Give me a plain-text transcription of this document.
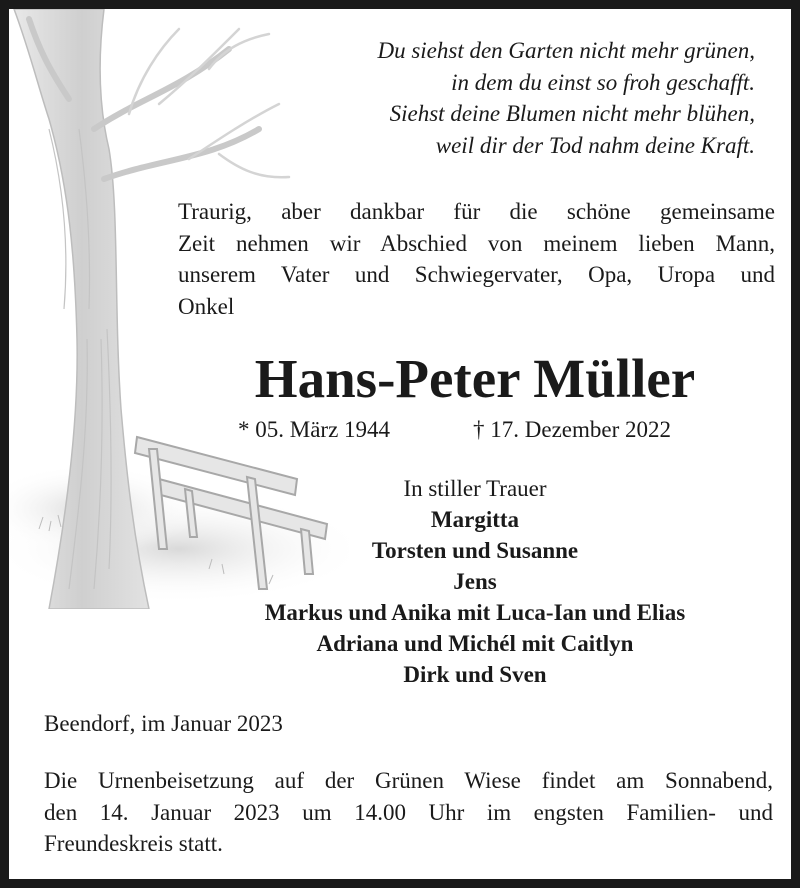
Du siehst den Garten nicht mehr grünen,
in dem du einst so froh geschafft.
Siehst deine Blumen nicht mehr blühen,
weil dir der Tod nahm deine Kraft.
Traurig, aber dankbar für die schöne gemeinsame
Zeit nehmen wir Abschied von meinem lieben Mann,
unserem Vater und Schwiegervater, Opa, Uropa und
Onkel
Hans-Peter Müller
* 05. März 1944	† 17. Dezember 2022
In stiller Trauer
Margitta
Torsten und Susanne
Jens
Markus und Anika mit Luca-Ian und Elias
Adriana und Michél mit Caitlyn
Dirk und Sven
Beendorf, im Januar 2023
Die Urnenbeisetzung auf der Grünen Wiese findet am Sonnabend,
den 14. Januar 2023 um 14.00 Uhr im engsten Familien- und
Freundeskreis statt.
